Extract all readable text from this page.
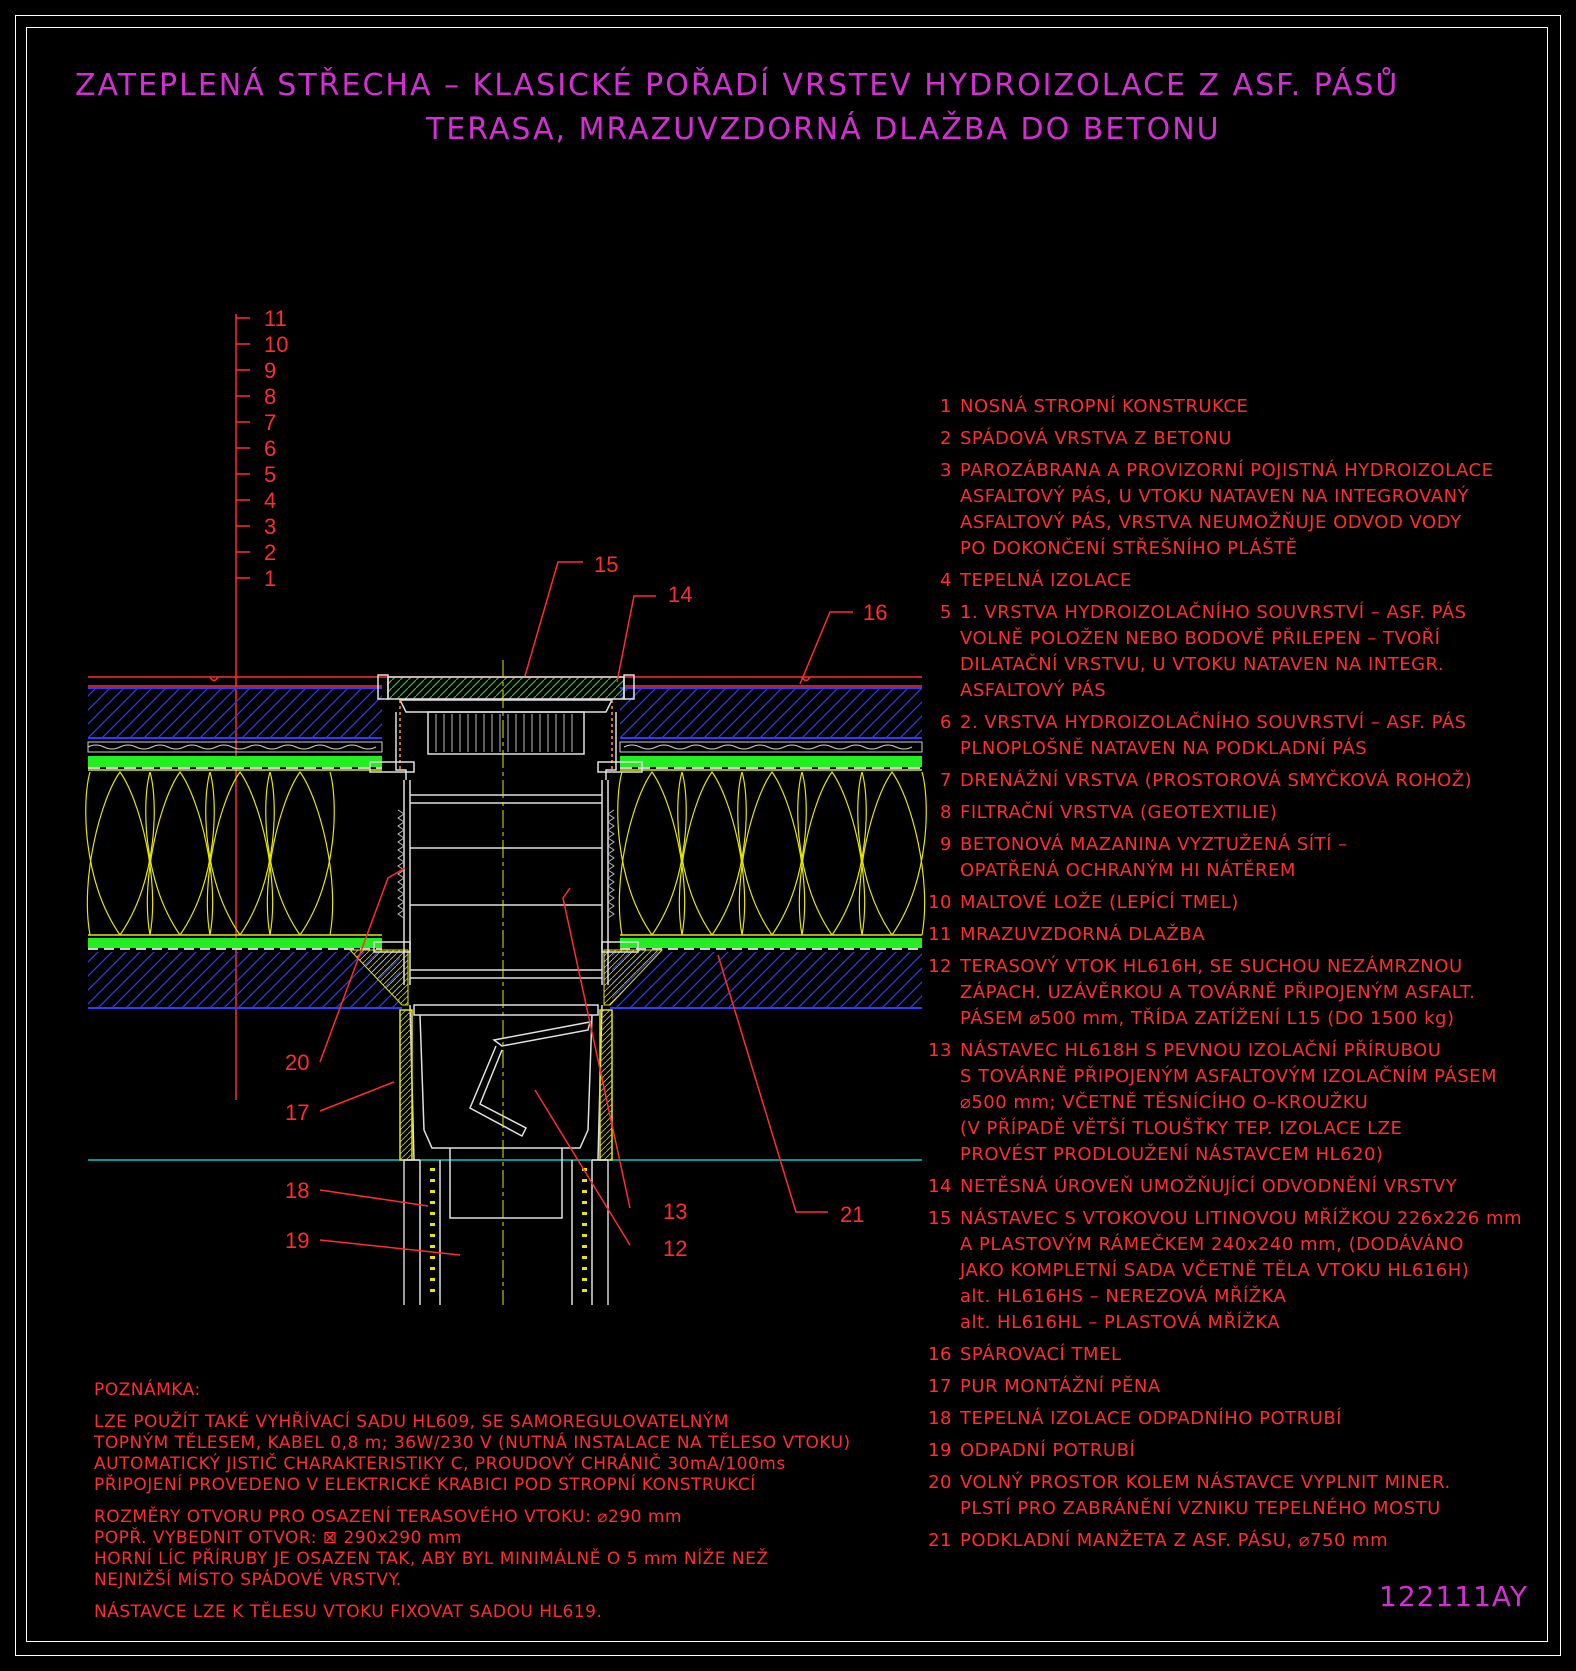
ZATEPLENÁ STŘECHA – KLASICKÉ POŘADÍ VRSTEV HYDROIZOLACE Z ASF. PÁSŮ
TERASA, MRAZUVZDORNÁ DLAŽBA DO BETONU
11
10
9
8
7
6
5
4
3
2
1
15
14
16
20
17
18
19
13
12
21
1 NOSNÁ STROPNÍ KONSTRUKCE
2 SPÁDOVÁ VRSTVA Z BETONU
3 PAROZÁBRANA A PROVIZORNÍ POJISTNÁ HYDROIZOLACE
ASFALTOVÝ PÁS, U VTOKU NATAVEN NA INTEGROVANÝ
ASFALTOVÝ PÁS, VRSTVA NEUMOŽŇUJE ODVOD VODY
PO DOKONČENÍ STŘEŠNÍHO PLÁŠTĚ
4 TEPELNÁ IZOLACE
5 1. VRSTVA HYDROIZOLAČNÍHO SOUVRSTVÍ – ASF. PÁS
VOLNĚ POLOŽEN NEBO BODOVĚ PŘILEPEN – TVOŘÍ
DILATAČNÍ VRSTVU, U VTOKU NATAVEN NA INTEGR.
ASFALTOVÝ PÁS
6 2. VRSTVA HYDROIZOLAČNÍHO SOUVRSTVÍ – ASF. PÁS
PLNOPLOŠNĚ NATAVEN NA PODKLADNÍ PÁS
7 DRENÁŽNÍ VRSTVA (PROSTOROVÁ SMYČKOVÁ ROHOŽ)
8 FILTRAČNÍ VRSTVA (GEOTEXTILIE)
9 BETONOVÁ MAZANINA VYZTUŽENÁ SÍTÍ –
OPATŘENÁ OCHRANÝM HI NÁTĚREM
10 MALTOVÉ LOŽE (LEPÍCÍ TMEL)
11 MRAZUVZDORNÁ DLAŽBA
12 TERASOVÝ VTOK HL616H, SE SUCHOU NEZÁMRZNOU
ZÁPACH. UZÁVĚRKOU A TOVÁRNĚ PŘIPOJENÝM ASFALT.
PÁSEM ⌀500 mm, TŘÍDA ZATÍŽENÍ L15 (DO 1500 kg)
13 NÁSTAVEC HL618H S PEVNOU IZOLAČNÍ PŘÍRUBOU
S TOVÁRNĚ PŘIPOJENÝM ASFALTOVÝM IZOLAČNÍM PÁSEM
⌀500 mm; VČETNĚ TĚSNÍCÍHO O–KROUŽKU
(V PŘÍPADĚ VĚTŠÍ TLOUŠŤKY TEP. IZOLACE LZE
PROVÉST PRODLOUŽENÍ NÁSTAVCEM HL620)
14 NETĚSNÁ ÚROVEŇ UMOŽŇUJÍCÍ ODVODNĚNÍ VRSTVY
15 NÁSTAVEC S VTOKOVOU LITINOVOU MŘÍŽKOU 226x226 mm
A PLASTOVÝM RÁMEČKEM 240x240 mm, (DODÁVÁNO
JAKO KOMPLETNÍ SADA VČETNĚ TĚLA VTOKU HL616H)
alt. HL616HS – NEREZOVÁ MŘÍŽKA
alt. HL616HL – PLASTOVÁ MŘÍŽKA
16 SPÁROVACÍ TMEL
17 PUR MONTÁŽNÍ PĚNA
18 TEPELNÁ IZOLACE ODPADNÍHO POTRUBÍ
19 ODPADNÍ POTRUBÍ
20 VOLNÝ PROSTOR KOLEM NÁSTAVCE VYPLNIT MINER.
PLSTÍ PRO ZABRÁNĚNÍ VZNIKU TEPELNÉHO MOSTU
21 PODKLADNÍ MANŽETA Z ASF. PÁSU, ⌀750 mm
POZNÁMKA:
LZE POUŽÍT TAKÉ VYHŘÍVACÍ SADU HL609, SE SAMOREGULOVATELNÝM
TOPNÝM TĚLESEM, KABEL 0,8 m; 36W/230 V (NUTNÁ INSTALACE NA TĚLESO VTOKU)
AUTOMATICKÝ JISTIČ CHARAKTERISTIKY C, PROUDOVÝ CHRÁNIČ 30mA/100ms
PŘIPOJENÍ PROVEDENO V ELEKTRICKÉ KRABICI POD STROPNÍ KONSTRUKCÍ
ROZMĚRY OTVORU PRO OSAZENÍ TERASOVÉHO VTOKU: ⌀290 mm
POPŘ. VYBEDNIT OTVOR: ⊠ 290x290 mm
HORNÍ LÍC PŘÍRUBY JE OSAZEN TAK, ABY BYL MINIMÁLNĚ O 5 mm NÍŽE NEŽ
NEJNIŽŠÍ MÍSTO SPÁDOVÉ VRSTVY.
NÁSTAVCE LZE K TĚLESU VTOKU FIXOVAT SADOU HL619.	122111AY
